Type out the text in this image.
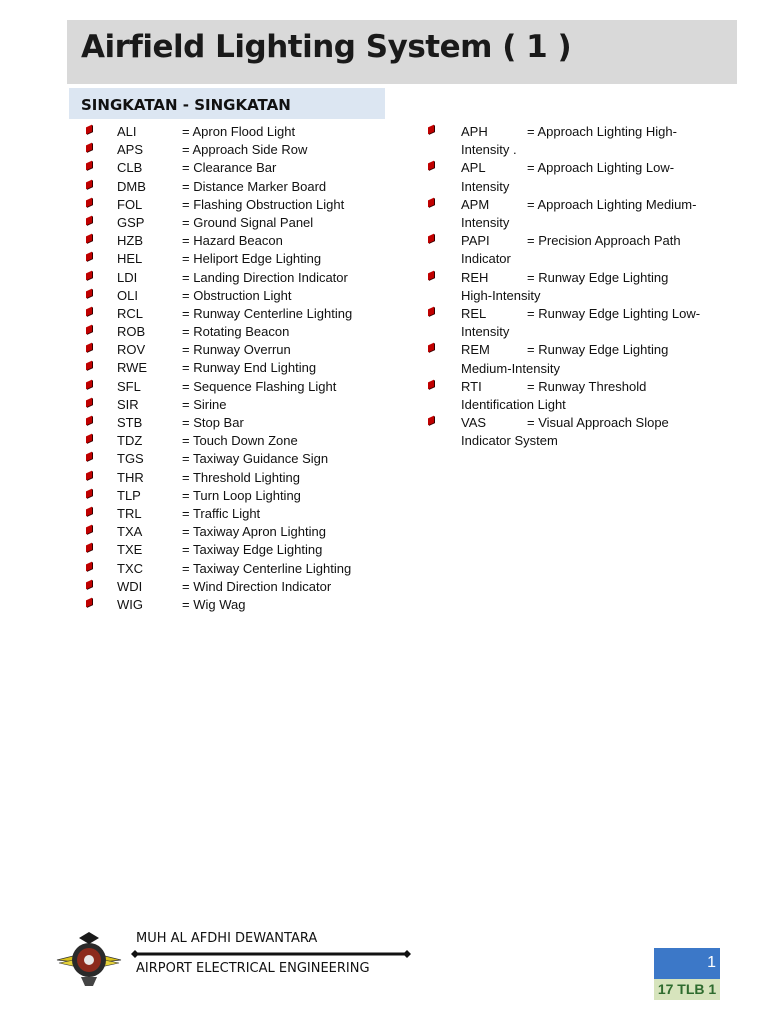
Airfield Lighting System ( 1 )
SINGKATAN - SINGKATAN
ALI	= Apron Flood Light
APS	= Approach Side Row
CLB	= Clearance Bar
DMB	= Distance Marker Board
FOL	= Flashing Obstruction Light
GSP	= Ground Signal Panel
HZB	= Hazard Beacon
HEL	= Heliport Edge Lighting
LDI	= Landing Direction Indicator
OLI	= Obstruction Light
RCL	= Runway Centerline Lighting
ROB	= Rotating Beacon
ROV	= Runway Overrun
RWE	= Runway End Lighting
SFL	= Sequence Flashing Light
SIR	= Sirine
STB	= Stop Bar
TDZ	= Touch Down Zone
TGS	= Taxiway Guidance Sign
THR	= Threshold Lighting
TLP	= Turn Loop Lighting
TRL	= Traffic Light
TXA	= Taxiway Apron Lighting
TXE	= Taxiway Edge Lighting
TXC	= Taxiway Centerline Lighting
WDI	= Wind Direction Indicator
WIG	= Wig Wag
APH	= Approach Lighting High-
Intensity .
APL	= Approach Lighting Low-
Intensity
APM	= Approach Lighting Medium-
Intensity
PAPI	= Precision Approach Path
Indicator
REH	= Runway Edge Lighting
High-Intensity
REL	= Runway Edge Lighting Low-
Intensity
REM	= Runway Edge Lighting
Medium-Intensity
RTI	= Runway Threshold
Identification Light
VAS	= Visual Approach Slope
Indicator System

MUH AL AFDHI DEWANTARA

AIRPORT ELECTRICAL ENGINEERING	1
17 TLB 1
